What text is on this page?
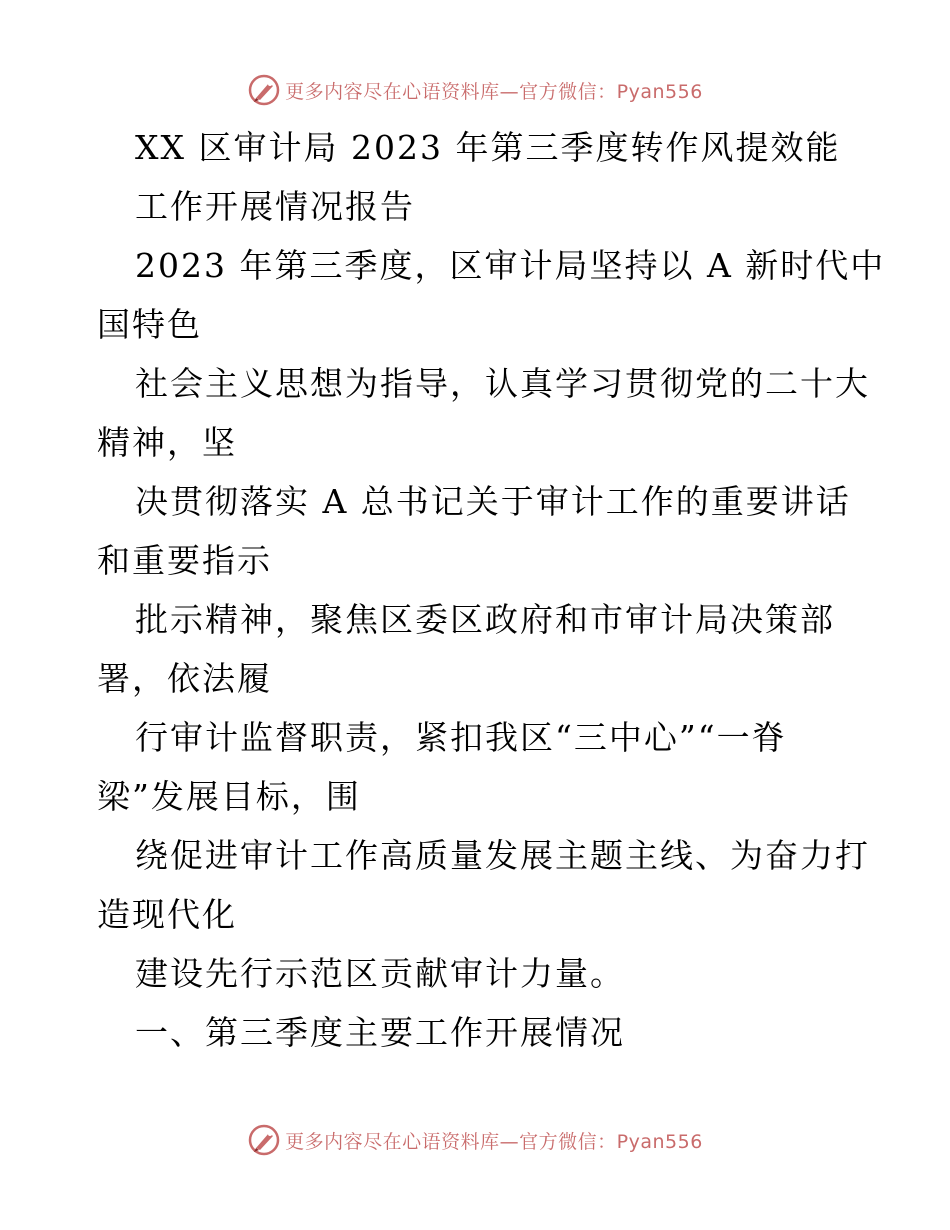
更多内容尽在心语资料库—官方微信：Pyan556
XX 区审计局 2023 年第三季度转作风提效能
工作开展情况报告
2023 年第三季度，区审计局坚持以 A 新时代中
国特色
社会主义思想为指导，认真学习贯彻党的二十大
精神，坚
决贯彻落实 A 总书记关于审计工作的重要讲话
和重要指示
批示精神，聚焦区委区政府和市审计局决策部
署，依法履
行审计监督职责，紧扣我区“三中心”“一脊
梁”发展目标，围
绕促进审计工作高质量发展主题主线、为奋力打
造现代化
建设先行示范区贡献审计力量。
一、第三季度主要工作开展情况
更多内容尽在心语资料库—官方微信：Pyan556
